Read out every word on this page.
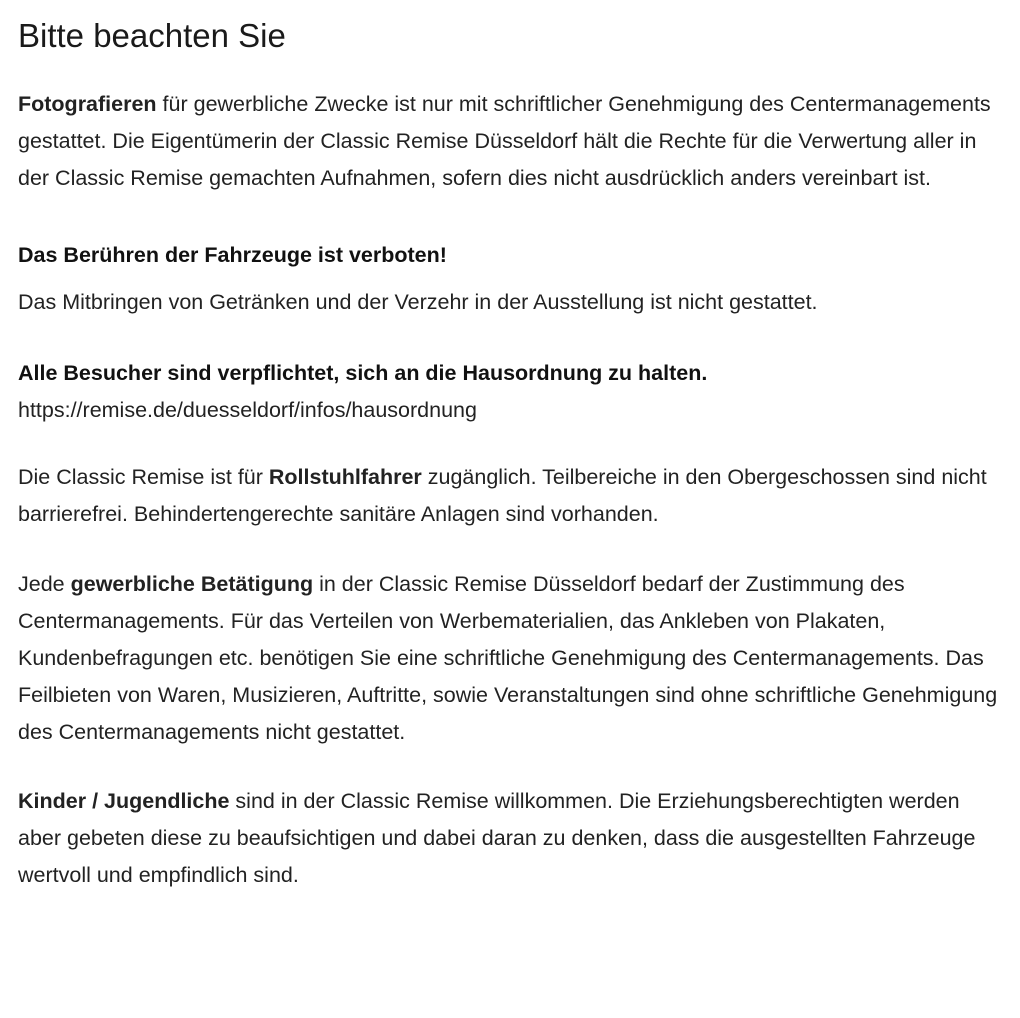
Bitte beachten Sie

Fotografieren für gewerbliche Zwecke ist nur mit schriftlicher Genehmigung des Centermanagements gestattet. Die Eigentümerin der Classic Remise Düsseldorf hält die Rechte für die Verwertung aller in der Classic Remise gemachten Aufnahmen, sofern dies nicht ausdrücklich anders vereinbart ist.

Das Berühren der Fahrzeuge ist verboten!

Das Mitbringen von Getränken und der Verzehr in der Ausstellung ist nicht gestattet.

Alle Besucher sind verpflichtet, sich an die Hausordnung zu halten.

https://remise.de/duesseldorf/infos/hausordnung

Die Classic Remise ist für Rollstuhlfahrer zugänglich. Teilbereiche in den Obergeschossen sind nicht barrierefrei. Behindertengerechte sanitäre Anlagen sind vorhanden.

Jede gewerbliche Betätigung in der Classic Remise Düsseldorf bedarf der Zustimmung des Centermanagements. Für das Verteilen von Werbematerialien, das Ankleben von Plakaten, Kundenbefragungen etc. benötigen Sie eine schriftliche Genehmigung des Centermanagements. Das Feilbieten von Waren, Musizieren, Auftritte, sowie Veranstaltungen sind ohne schriftliche Genehmigung des Centermanagements nicht gestattet.

Kinder / Jugendliche sind in der Classic Remise willkommen. Die Erziehungsberechtigten werden aber gebeten diese zu beaufsichtigen und dabei daran zu denken, dass die ausgestellten Fahrzeuge wertvoll und empfindlich sind.
